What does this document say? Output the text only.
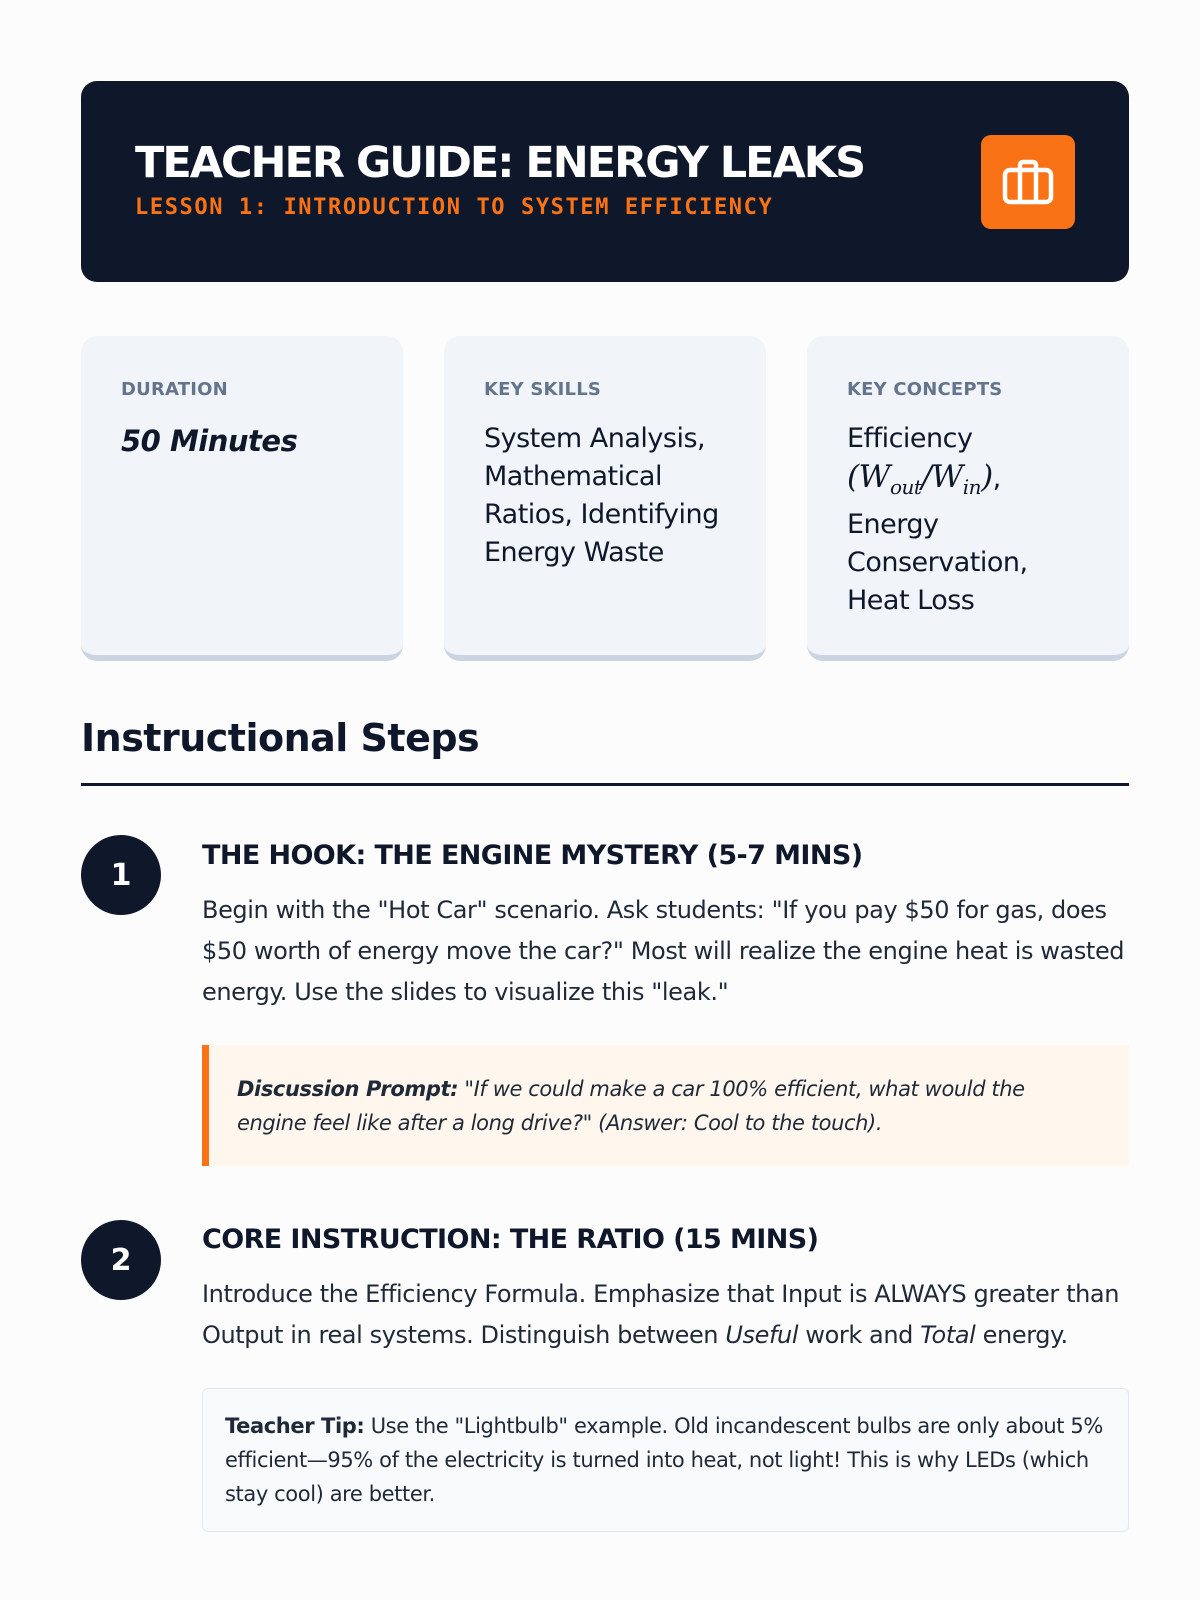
TEACHER GUIDE: ENERGY LEAKS
LESSON 1: INTRODUCTION TO SYSTEM EFFICIENCY
DURATION
50 Minutes
KEY SKILLS
System Analysis, Mathematical Ratios, Identifying Energy Waste
KEY CONCEPTS
Efficiency
$(W_{out}/W_{in})$, Energy Conservation, Heat Loss
Instructional Steps
1
THE HOOK: THE ENGINE MYSTERY (5-7 MINS)
Begin with the "Hot Car" scenario. Ask students: "If you pay $50 for gas, does $50 worth of energy move the car?" Most will realize the engine heat is wasted energy. Use the slides to visualize this "leak."
Discussion Prompt: "If we could make a car 100% efficient, what would the engine feel like after a long drive?" (Answer: Cool to the touch).
2
CORE INSTRUCTION: THE RATIO (15 MINS)
Introduce the Efficiency Formula. Emphasize that Input is ALWAYS greater than Output in real systems. Distinguish between Useful work and Total energy.
Teacher Tip: Use the "Lightbulb" example. Old incandescent bulbs are only about 5% efficient—95% of the electricity is turned into heat, not light! This is why LEDs (which stay cool) are better.
